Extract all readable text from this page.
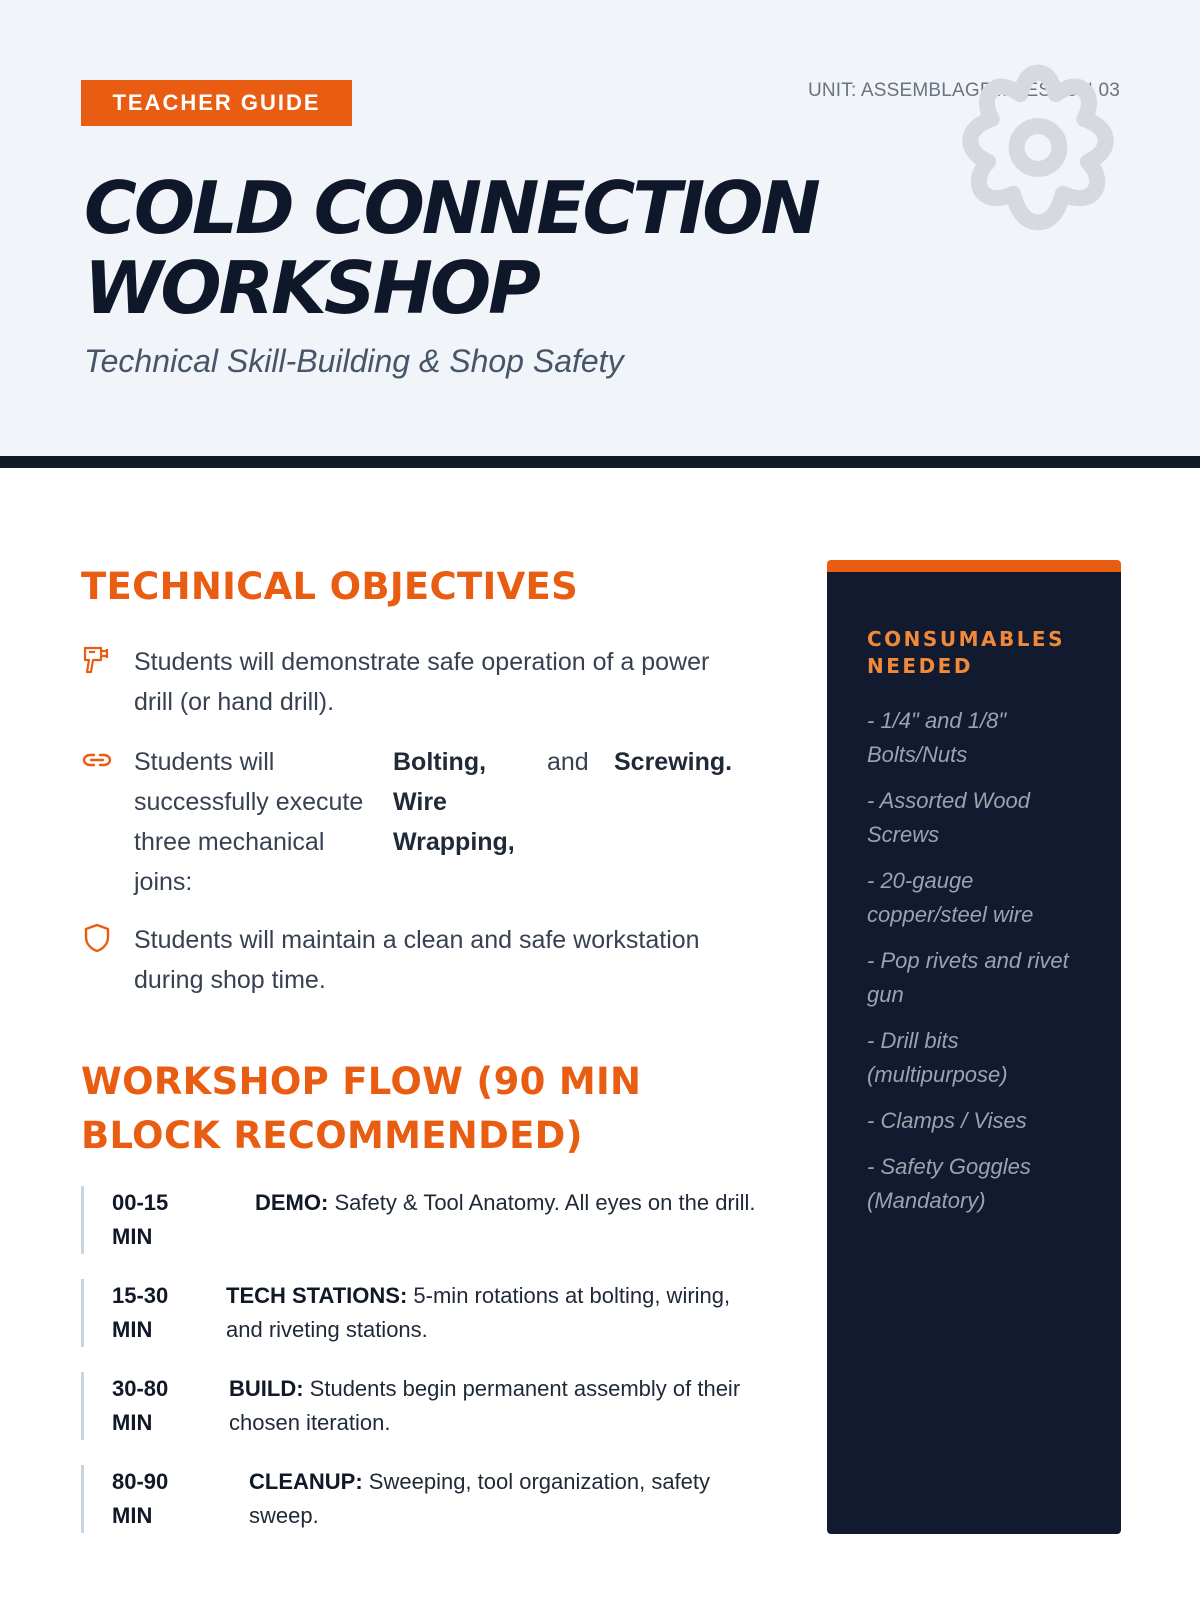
TEACHER GUIDE	UNIT: ASSEMBLAGE // LESSON 03
COLD CONNECTION
WORKSHOP
Technical Skill-Building & Shop Safety
TECHNICAL OBJECTIVES
Students will demonstrate safe operation of a power drill (or hand drill).
Students will successfully execute three mechanical joins:
Bolting, Wire Wrapping,
and Screwing.
Students will maintain a clean and safe workstation during shop time.
WORKSHOP FLOW (90 MIN BLOCK RECOMMENDED)
00-15 MIN
DEMO: Safety & Tool Anatomy. All eyes on the drill.
15-30 MIN
TECH STATIONS: 5-min rotations at bolting, wiring, and riveting stations.
30-80 MIN
BUILD: Students begin permanent assembly of their chosen iteration.
80-90 MIN
CLEANUP: Sweeping, tool organization, safety sweep.
CONSUMABLES NEEDED
- 1/4" and 1/8" Bolts/Nuts
- Assorted Wood Screws
- 20-gauge copper/steel wire
- Pop rivets and rivet gun
- Drill bits (multipurpose)
- Clamps / Vises
- Safety Goggles (Mandatory)
